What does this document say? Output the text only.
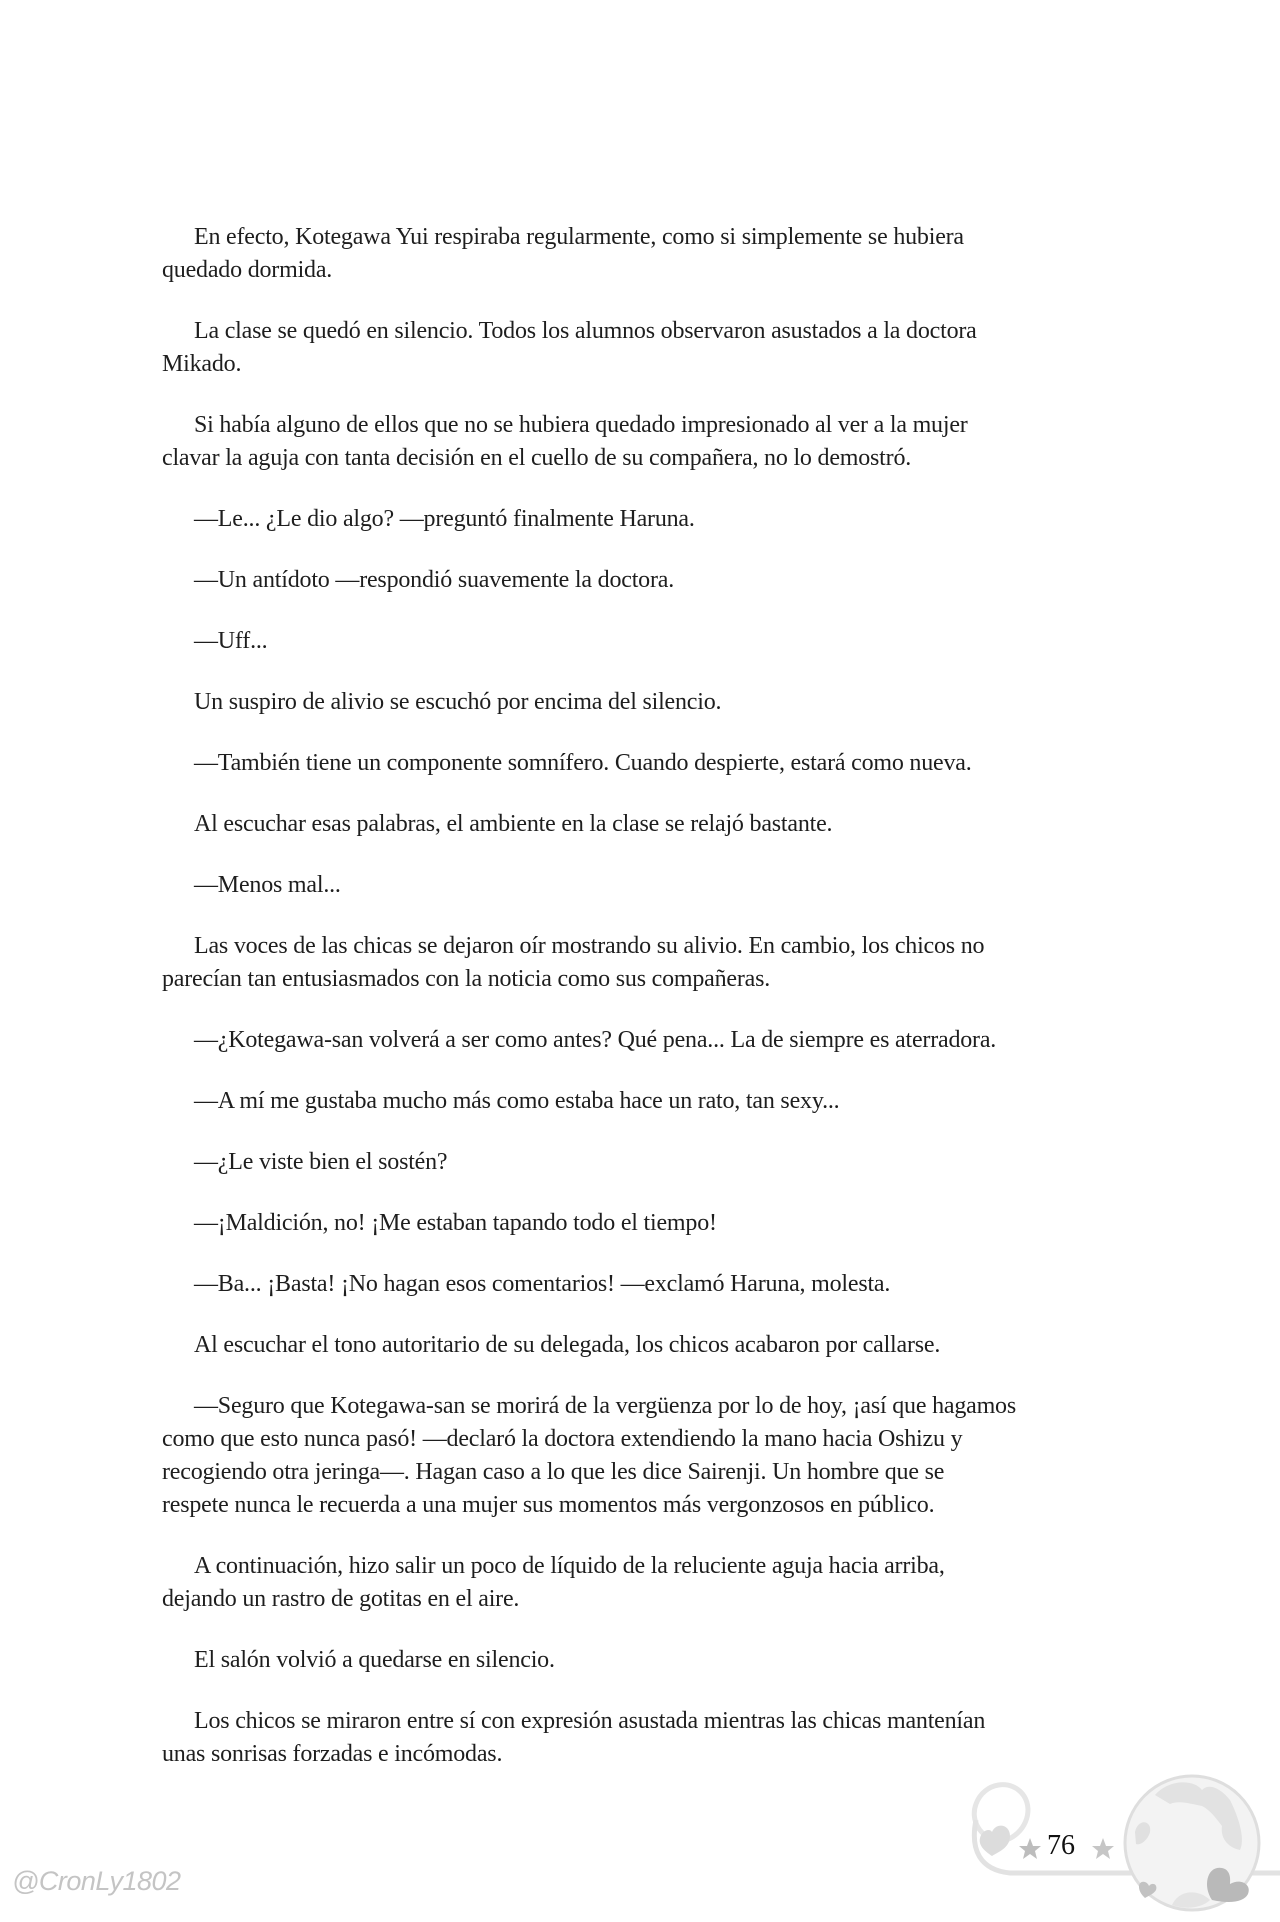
En efecto, Kotegawa Yui respiraba regularmente, como si simplemente se hubiera
quedado dormida.

La clase se quedó en silencio. Todos los alumnos observaron asustados a la doctora
Mikado.

Si había alguno de ellos que no se hubiera quedado impresionado al ver a la mujer
clavar la aguja con tanta decisión en el cuello de su compañera, no lo demostró.

—Le... ¿Le dio algo? —preguntó finalmente Haruna.

—Un antídoto —respondió suavemente la doctora.

—Uff...

Un suspiro de alivio se escuchó por encima del silencio.

—También tiene un componente somnífero. Cuando despierte, estará como nueva.

Al escuchar esas palabras, el ambiente en la clase se relajó bastante.

—Menos mal...

Las voces de las chicas se dejaron oír mostrando su alivio. En cambio, los chicos no
parecían tan entusiasmados con la noticia como sus compañeras.

—¿Kotegawa-san volverá a ser como antes? Qué pena... La de siempre es aterradora.

—A mí me gustaba mucho más como estaba hace un rato, tan sexy...

—¿Le viste bien el sostén?

—¡Maldición, no! ¡Me estaban tapando todo el tiempo!

—Ba... ¡Basta! ¡No hagan esos comentarios! —exclamó Haruna, molesta.

Al escuchar el tono autoritario de su delegada, los chicos acabaron por callarse.

—Seguro que Kotegawa-san se morirá de la vergüenza por lo de hoy, ¡así que hagamos
como que esto nunca pasó! —declaró la doctora extendiendo la mano hacia Oshizu y
recogiendo otra jeringa—. Hagan caso a lo que les dice Sairenji. Un hombre que se
respete nunca le recuerda a una mujer sus momentos más vergonzosos en público.

A continuación, hizo salir un poco de líquido de la reluciente aguja hacia arriba,
dejando un rastro de gotitas en el aire.

El salón volvió a quedarse en silencio.

Los chicos se miraron entre sí con expresión asustada mientras las chicas mantenían
unas sonrisas forzadas e incómodas.

76
@CronLy1802
